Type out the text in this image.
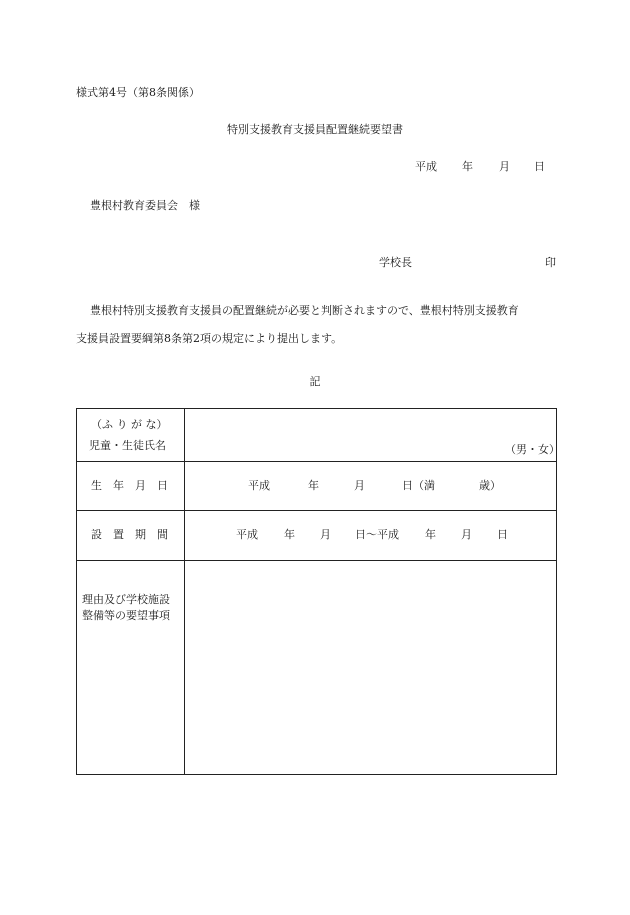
様式第4号（第8条関係）
特別支援教育支援員配置継続要望書
平成 年 月 日
豊根村教育委員会　様
学校長	印
豊根村特別支援教育支援員の配置継続が必要と判断されますので、豊根村特別支援教育
支援員設置要綱第8条第2項の規定により提出します。
記
（ふ り が な）
児童・生徒氏名	（男・女）
生　年　月　日	平成	年	月	日（満	歳）
設　置　期　間	平成 年 月 日～平成 年 月 日
理由及び学校施設
整備等の要望事項
